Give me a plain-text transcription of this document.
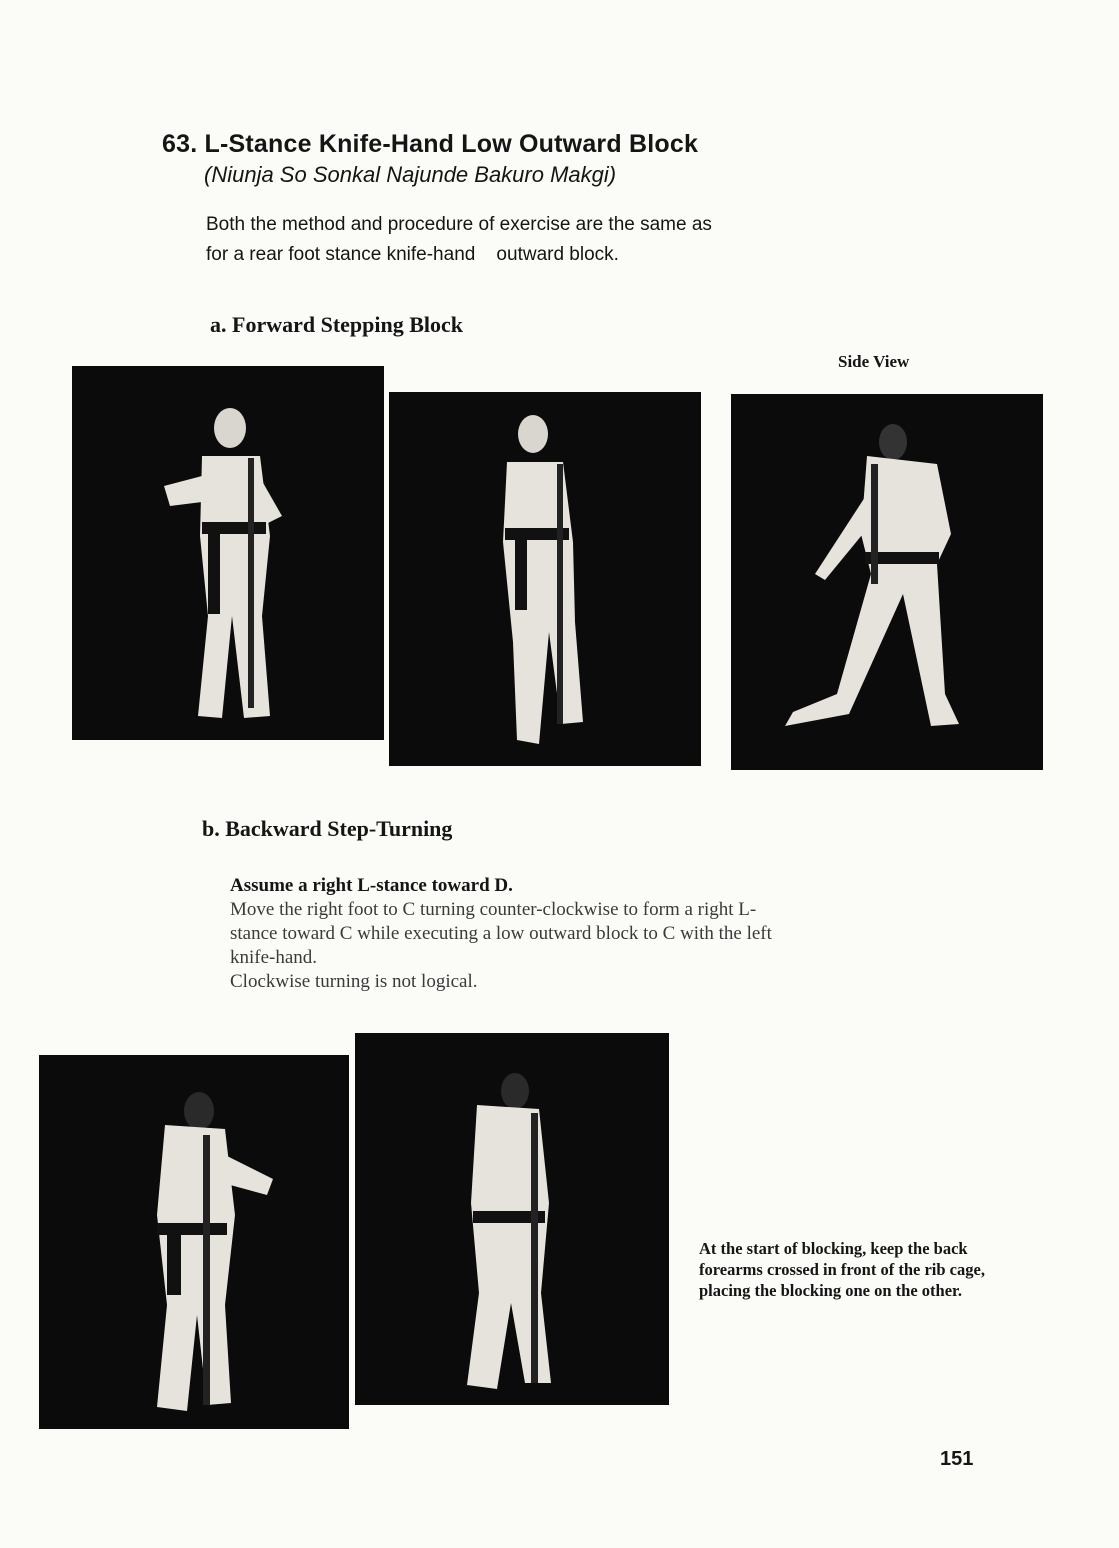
63. L-Stance Knife-Hand Low Outward Block

(Niunja So Sonkal Najunde Bakuro Makgi)

Both the method and procedure of exercise are the same as
for a rear foot stance knife-hand    outward block.

a. Forward Stepping Block
Side View
b. Backward Step-Turning
Assume a right L-stance toward D.
Move the right foot to C turning counter-clockwise to form a right L-
stance toward C while executing a low outward block to C with the left
knife-hand.
Clockwise turning is not logical.

At the start of blocking, keep the back forearms crossed in front of the rib cage, placing the blocking one on the other.

151
